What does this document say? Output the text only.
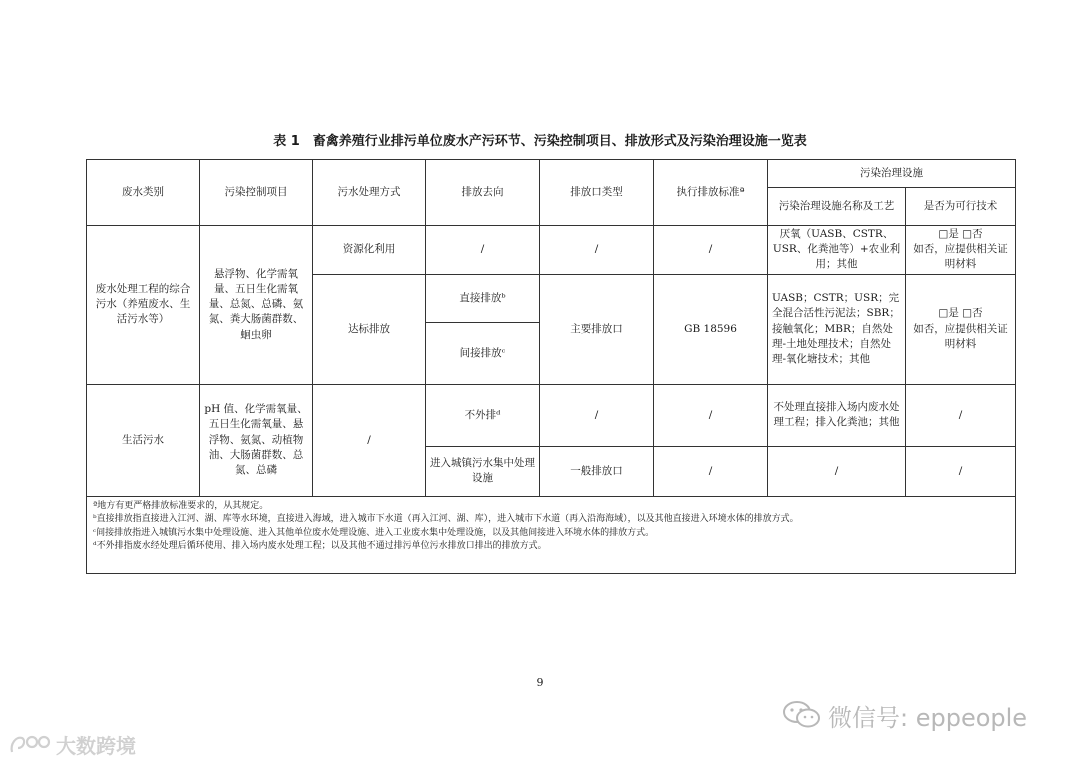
表 1　畜禽养殖行业排污单位废水产污环节、污染控制项目、排放形式及污染治理设施一览表
废水类别	污染控制项目	污水处理方式	排放去向	排放口类型	执行排放标准ª	污染治理设施	
						污染治理设施名称及工艺	是否为可行技术
废水处理工程的综合污水（养殖废水、生活污水等）	悬浮物、化学需氧量、五日生化需氧量、总氮、总磷、氨氮、粪大肠菌群数、蛔虫卵	资源化利用	/	/	/	厌氧（UASB、CSTR、USR、化粪池等）+农业利用；其他	□是 □否
如否，应提供相关证明材料
		达标排放	直接排放ᵇ	主要排放口	GB 18596	UASB；CSTR；USR；完全混合活性污泥法；SBR；接触氧化；MBR；自然处理-土地处理技术；自然处理-氧化塘技术；其他	□是 □否
如否，应提供相关证明材料
			间接排放ᶜ				
生活污水	pH 值、化学需氧量、五日生化需氧量、悬浮物、氨氮、动植物油、大肠菌群数、总氮、总磷	/	不外排ᵈ	/	/	不处理直接排入场内废水处理工程；排入化粪池；其他	/
			进入城镇污水集中处理设施	一般排放口	/	/	/

ª地方有更严格排放标准要求的，从其规定。
ᵇ直接排放指直接进入江河、湖、库等水环境，直接进入海域，进入城市下水道（再入江河、湖、库），进入城市下水道（再入沿海海域），以及其他直接进入环境水体的排放方式。
ᶜ间接排放指进入城镇污水集中处理设施、进入其他单位废水处理设施、进入工业废水集中处理设施，以及其他间接进入环境水体的排放方式。
ᵈ不外排指废水经处理后循环使用、排入场内废水处理工程；以及其他不通过排污单位污水排放口排出的排放方式。							
9
微信号: eppeople
大数跨境
